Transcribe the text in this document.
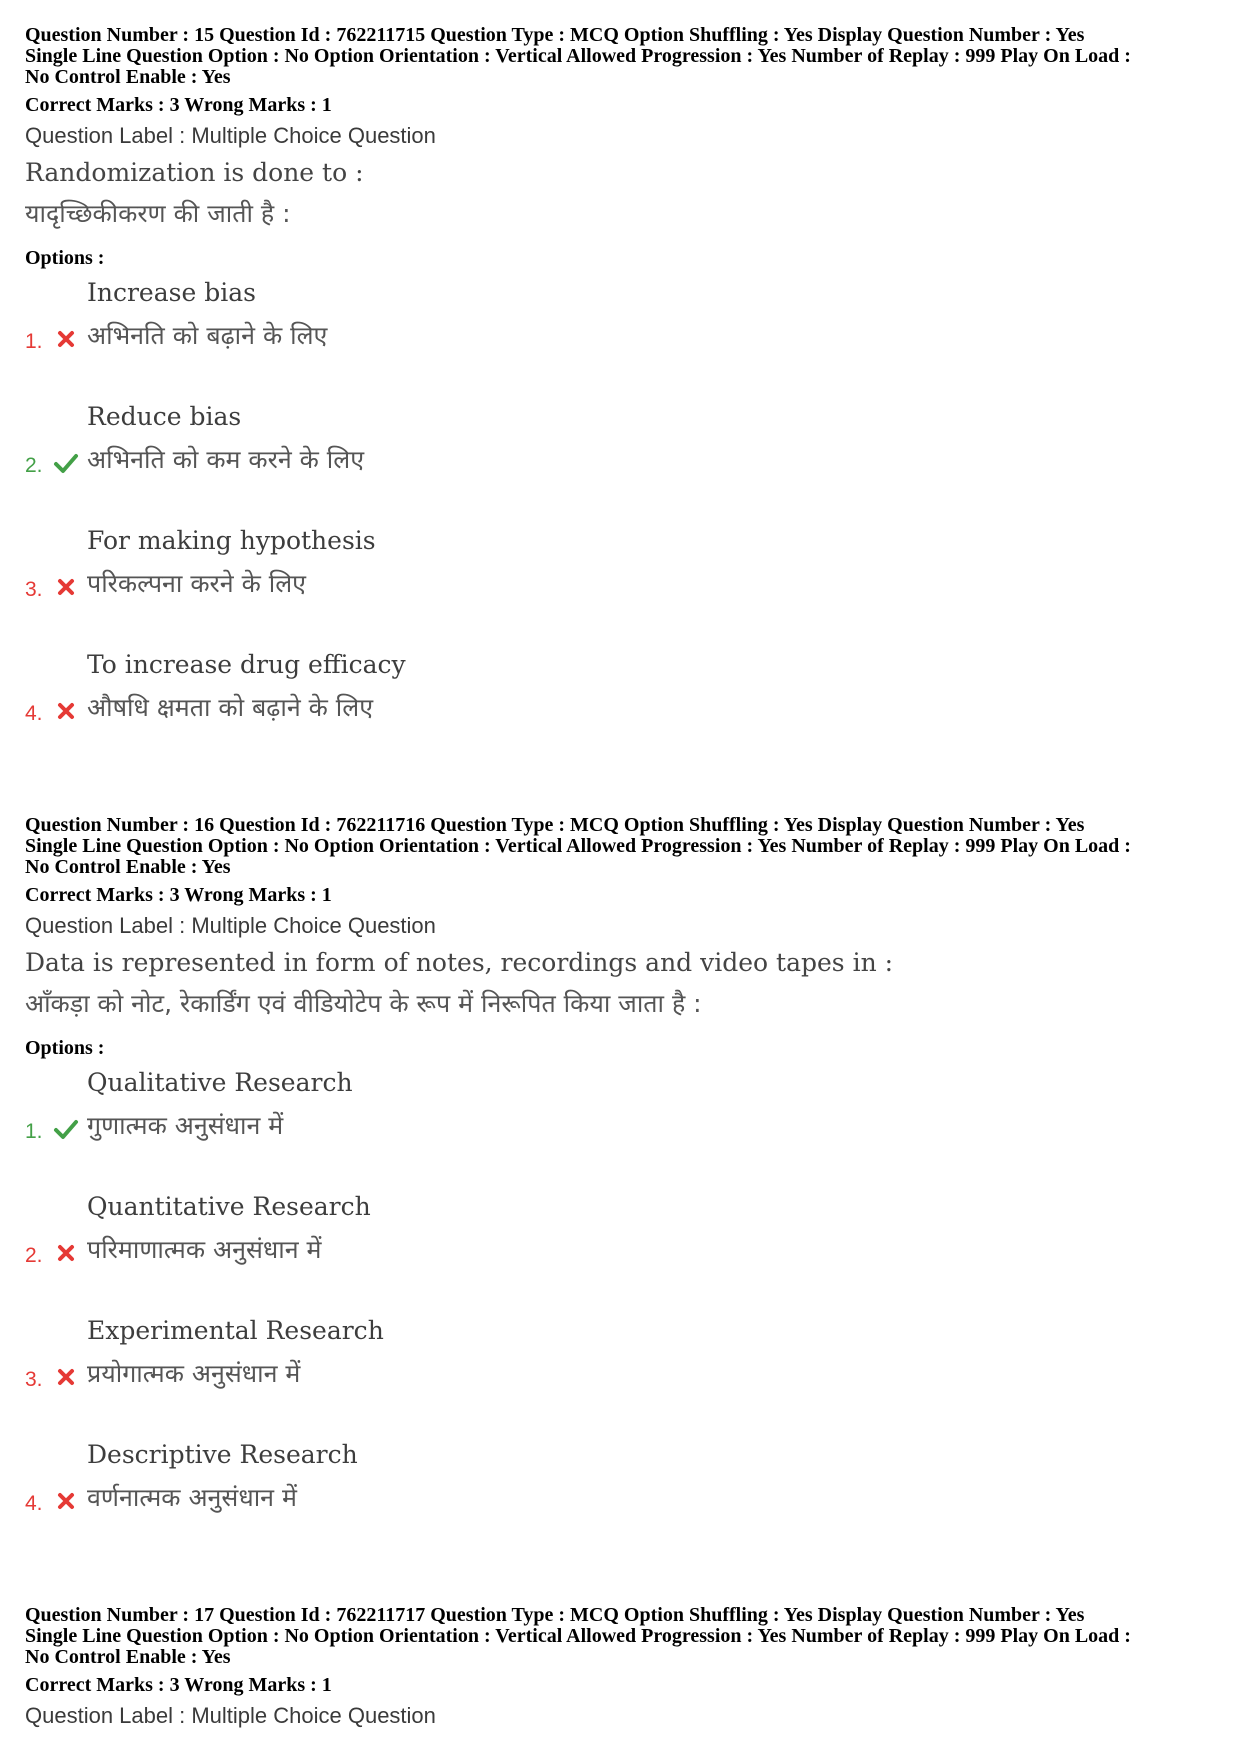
Question Number : 15 Question Id : 762211715 Question Type : MCQ Option Shuffling : Yes Display Question Number : Yes
Single Line Question Option : No Option Orientation : Vertical Allowed Progression : Yes Number of Replay : 999 Play On Load :
No Control Enable : Yes
Correct Marks : 3 Wrong Marks : 1
Question Label : Multiple Choice Question
Randomization is done to :
यादृच्छिकीकरण की जाती है :
Options :
Increase bias
अभिनति को बढ़ाने के लिए
1.
Reduce bias
अभिनति को कम करने के लिए
2.
For making hypothesis
परिकल्पना करने के लिए
3.
To increase drug efficacy
औषधि क्षमता को बढ़ाने के लिए
4.
Question Number : 16 Question Id : 762211716 Question Type : MCQ Option Shuffling : Yes Display Question Number : Yes
Single Line Question Option : No Option Orientation : Vertical Allowed Progression : Yes Number of Replay : 999 Play On Load :
No Control Enable : Yes
Correct Marks : 3 Wrong Marks : 1
Question Label : Multiple Choice Question
Data is represented in form of notes, recordings and video tapes in :
आँकड़ा को नोट, रेकार्डिंग एवं वीडियोटेप के रूप में निरूपित किया जाता है :
Options :
Qualitative Research
गुणात्मक अनुसंधान में
1.
Quantitative Research
परिमाणात्मक अनुसंधान में
2.
Experimental Research
प्रयोगात्मक अनुसंधान में
3.
Descriptive Research
वर्णनात्मक अनुसंधान में
4.
Question Number : 17 Question Id : 762211717 Question Type : MCQ Option Shuffling : Yes Display Question Number : Yes
Single Line Question Option : No Option Orientation : Vertical Allowed Progression : Yes Number of Replay : 999 Play On Load :
No Control Enable : Yes
Correct Marks : 3 Wrong Marks : 1
Question Label : Multiple Choice Question
